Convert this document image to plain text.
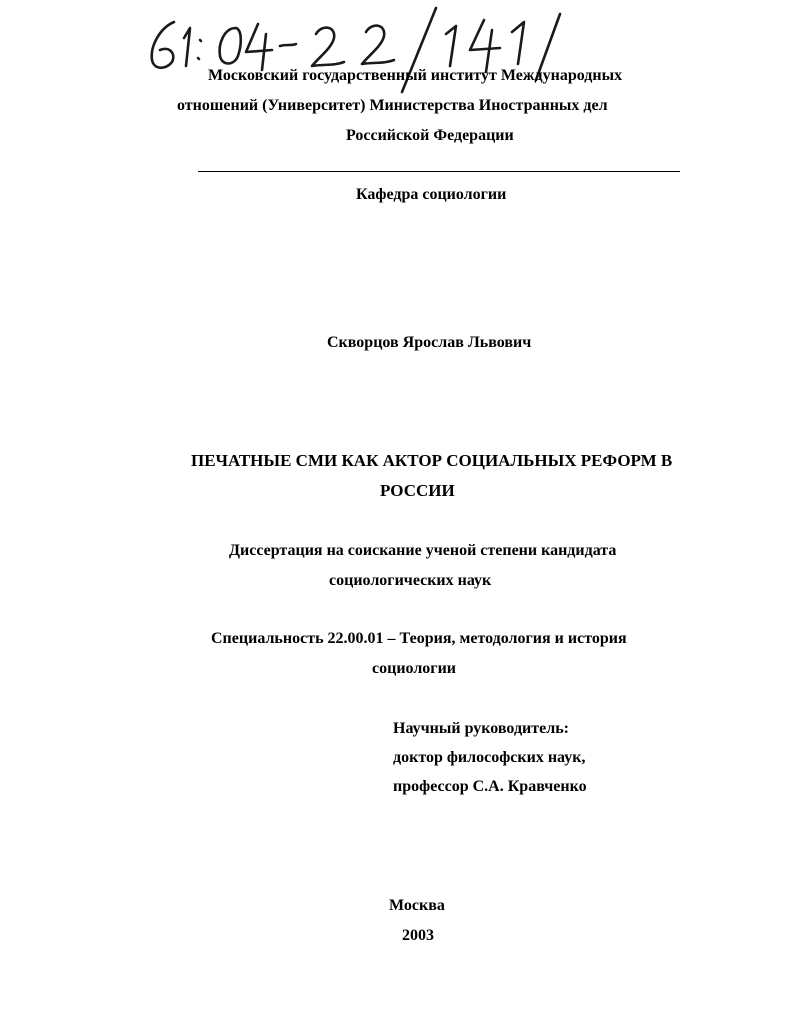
Московский государственный институт Международных
отношений (Университет) Министерства Иностранных дел
Российской Федерации
Кафедра социологии
Скворцов Ярослав Львович
ПЕЧАТНЫЕ СМИ КАК АКТОР СОЦИАЛЬНЫХ РЕФОРМ В
РОССИИ
Диссертация на соискание ученой степени кандидата
социологических наук
Специальность 22.00.01 – Теория, методология и история
социологии
Научный руководитель:
доктор философских наук,
профессор С.А. Кравченко
Москва
2003
